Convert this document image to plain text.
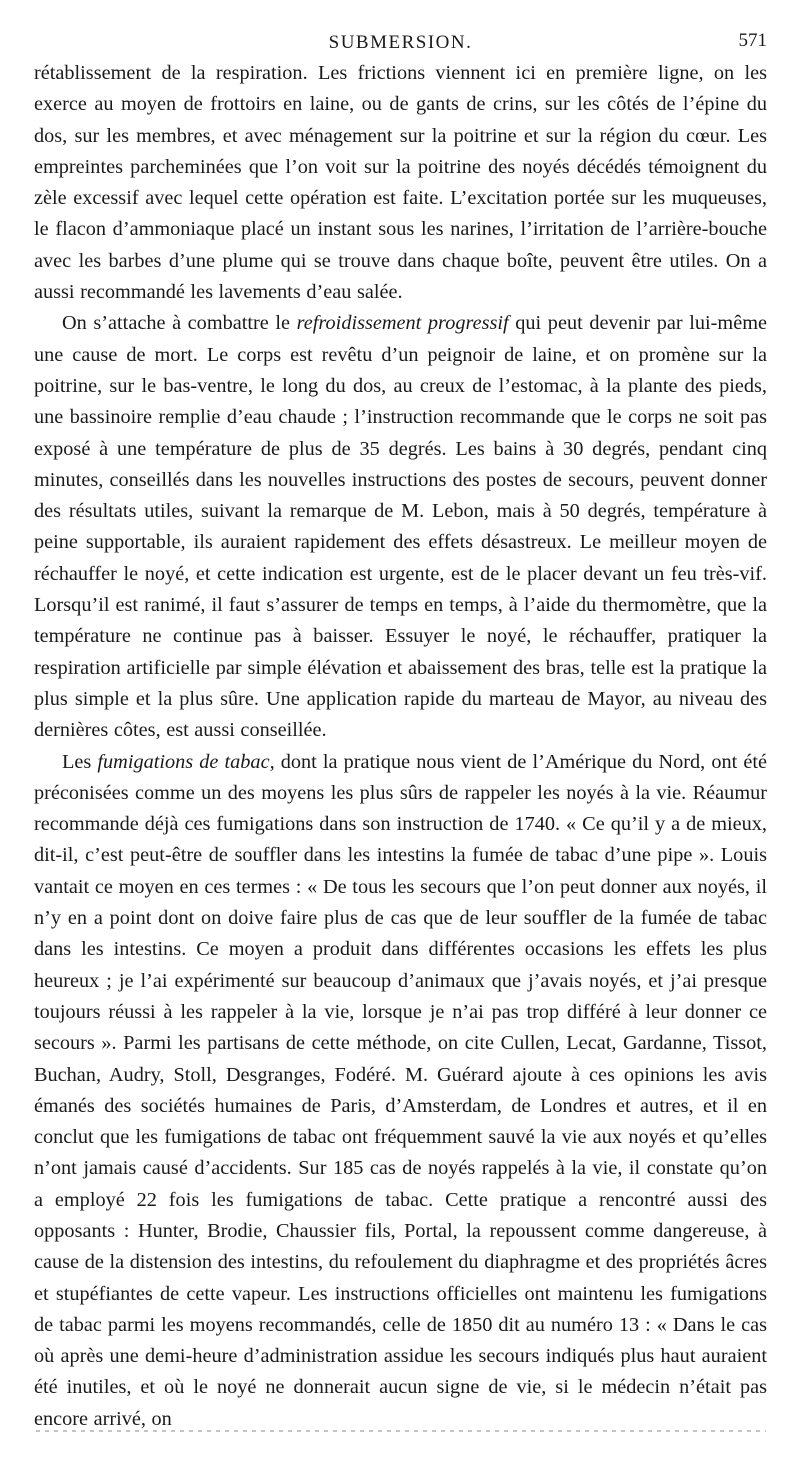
SUBMERSION.	571

rétablissement de la respiration. Les frictions viennent ici en première ligne, on les exerce au moyen de frottoirs en laine, ou de gants de crins, sur les côtés de l’épine du dos, sur les membres, et avec ménagement sur la poitrine et sur la région du cœur. Les empreintes parcheminées que l’on voit sur la poitrine des noyés décédés témoignent du zèle excessif avec lequel cette opération est faite. L’excitation portée sur les muqueuses, le flacon d’ammoniaque placé un instant sous les narines, l’irritation de l’arrière-bouche avec les barbes d’une plume qui se trouve dans chaque boîte, peuvent être utiles. On a aussi recommandé les lavements d’eau salée.

On s’attache à combattre le refroidissement progressif qui peut devenir par lui-même une cause de mort. Le corps est revêtu d’un peignoir de laine, et on promène sur la poitrine, sur le bas-ventre, le long du dos, au creux de l’estomac, à la plante des pieds, une bassinoire remplie d’eau chaude ; l’instruction recommande que le corps ne soit pas exposé à une température de plus de 35 degrés. Les bains à 30 degrés, pendant cinq minutes, conseillés dans les nouvelles instructions des postes de secours, peuvent donner des résultats utiles, suivant la remarque de M. Lebon, mais à 50 degrés, température à peine supportable, ils auraient rapidement des effets désastreux. Le meilleur moyen de réchauffer le noyé, et cette indication est urgente, est de le placer devant un feu très-vif. Lorsqu’il est ranimé, il faut s’assurer de temps en temps, à l’aide du thermomètre, que la température ne continue pas à baisser. Essuyer le noyé, le réchauffer, pratiquer la respiration artificielle par simple élévation et abaissement des bras, telle est la pratique la plus simple et la plus sûre. Une application rapide du marteau de Mayor, au niveau des dernières côtes, est aussi conseillée.

Les fumigations de tabac, dont la pratique nous vient de l’Amérique du Nord, ont été préconisées comme un des moyens les plus sûrs de rappeler les noyés à la vie. Réaumur recommande déjà ces fumigations dans son instruction de 1740. « Ce qu’il y a de mieux, dit-il, c’est peut-être de souffler dans les intestins la fumée de tabac d’une pipe ». Louis vantait ce moyen en ces termes : « De tous les secours que l’on peut donner aux noyés, il n’y en a point dont on doive faire plus de cas que de leur souffler de la fumée de tabac dans les intestins. Ce moyen a produit dans différentes occasions les effets les plus heureux ; je l’ai expérimenté sur beaucoup d’animaux que j’avais noyés, et j’ai presque toujours réussi à les rappeler à la vie, lorsque je n’ai pas trop différé à leur donner ce secours ». Parmi les partisans de cette méthode, on cite Cullen, Lecat, Gardanne, Tissot, Buchan, Audry, Stoll, Desgranges, Fodéré. M. Guérard ajoute à ces opinions les avis émanés des sociétés humaines de Paris, d’Amsterdam, de Londres et autres, et il en conclut que les fumigations de tabac ont fréquemment sauvé la vie aux noyés et qu’elles n’ont jamais causé d’accidents. Sur 185 cas de noyés rappelés à la vie, il constate qu’on a employé 22 fois les fumigations de tabac. Cette pratique a rencontré aussi des opposants : Hunter, Brodie, Chaussier fils, Portal, la repoussent comme dangereuse, à cause de la distension des intestins, du refoulement du diaphragme et des propriétés âcres et stupéfiantes de cette vapeur. Les instructions officielles ont maintenu les fumigations de tabac parmi les moyens recommandés, celle de 1850 dit au numéro 13 : « Dans le cas où après une demi-heure d’administration assidue les secours indiqués plus haut auraient été inutiles, et où le noyé ne donnerait aucun signe de vie, si le médecin n’était pas encore arrivé, on
